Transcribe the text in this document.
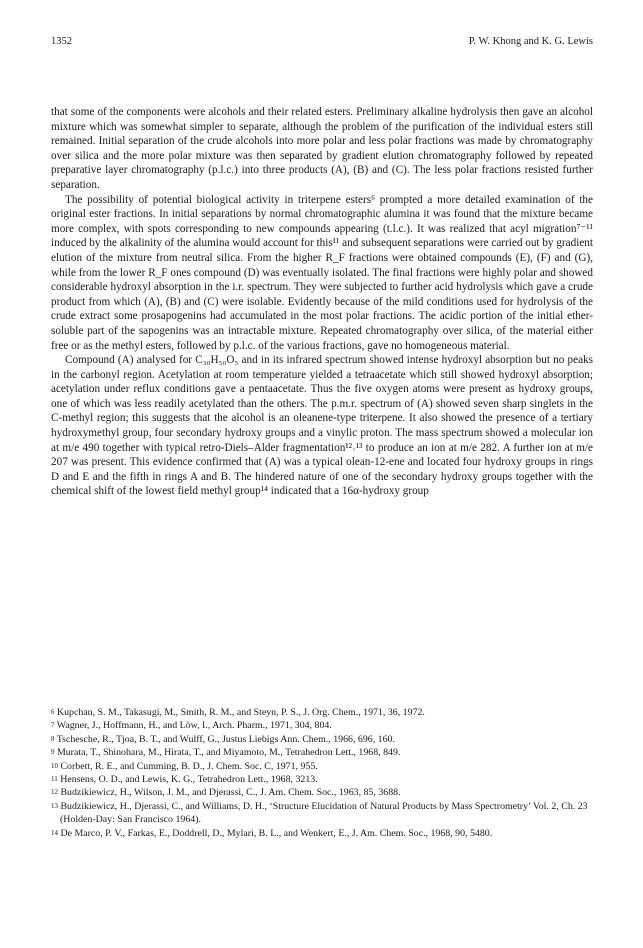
1352	P. W. Khong and K. G. Lewis

that some of the components were alcohols and their related esters. Preliminary alkaline hydrolysis then gave an alcohol mixture which was somewhat simpler to separate, although the problem of the purification of the individual esters still remained. Initial separation of the crude alcohols into more polar and less polar fractions was made by chromatography over silica and the more polar mixture was then separated by gradient elution chromatography followed by repeated preparative layer chromatography (p.l.c.) into three products (A), (B) and (C). The less polar fractions resisted further separation.

The possibility of potential biological activity in triterpene esters⁶ prompted a more detailed examination of the original ester fractions. In initial separations by normal chromatographic alumina it was found that the mixture became more complex, with spots corresponding to new compounds appearing (t.l.c.). It was realized that acyl migration⁷⁻¹¹ induced by the alkalinity of the alumina would account for this¹¹ and subsequent separations were carried out by gradient elution of the mixture from neutral silica. From the higher R_F fractions were obtained compounds (E), (F) and (G), while from the lower R_F ones compound (D) was eventually isolated. The final fractions were highly polar and showed considerable hydroxyl absorption in the i.r. spectrum. They were subjected to further acid hydrolysis which gave a crude product from which (A), (B) and (C) were isolable. Evidently because of the mild conditions used for hydrolysis of the crude extract some prosapogenins had accumulated in the most polar fractions. The acidic portion of the initial ether-soluble part of the sapogenins was an intractable mixture. Repeated chromatography over silica, of the material either free or as the methyl esters, followed by p.l.c. of the various fractions, gave no homogeneous material.

Compound (A) analysed for C₃₀H₅₀O₅ and in its infrared spectrum showed intense hydroxyl absorption but no peaks in the carbonyl region. Acetylation at room temperature yielded a tetraacetate which still showed hydroxyl absorption; acetylation under reflux conditions gave a pentaacetate. Thus the five oxygen atoms were present as hydroxy groups, one of which was less readily acetylated than the others. The p.m.r. spectrum of (A) showed seven sharp singlets in the C-methyl region; this suggests that the alcohol is an oleanene-type triterpene. It also showed the presence of a tertiary hydroxymethyl group, four secondary hydroxy groups and a vinylic proton. The mass spectrum showed a molecular ion at m/e 490 together with typical retro-Diels–Alder fragmentation¹²˒¹³ to produce an ion at m/e 282. A further ion at m/e 207 was present. This evidence confirmed that (A) was a typical olean-12-ene and located four hydroxy groups in rings D and E and the fifth in rings A and B. The hindered nature of one of the secondary hydroxy groups together with the chemical shift of the lowest field methyl group¹⁴ indicated that a 16α-hydroxy group

$^6$ Kupchan, S. M., Takasugi, M., Smith, R. M., and Steyn, P. S., J. Org. Chem., 1971, 36, 1972.

$^7$ Wagner, J., Hoffmann, H., and Löw, I., Arch. Pharm., 1971, 304, 804.

$^8$ Tschesche, R., Tjoa, B. T., and Wulff, G., Justus Liebigs Ann. Chem., 1966, 696, 160.

$^9$ Murata, T., Shinohara, M., Hirata, T., and Miyamoto, M., Tetrahedron Lett., 1968, 849.

$^{10}$ Corbett, R. E., and Cumming, B. D., J. Chem. Soc. C, 1971, 955.

$^{11}$ Hensens, O. D., and Lewis, K. G., Tetrahedron Lett., 1968, 3213.

$^{12}$ Budzikiewicz, H., Wilson, J. M., and Djerassi, C., J. Am. Chem. Soc., 1963, 85, 3688.

$^{13}$ Budzikiewicz, H., Djerassi, C., and Williams, D. H., ‘Structure Elucidation of Natural Products by Mass Spectrometry’ Vol. 2, Ch. 23 (Holden-Day: San Francisco 1964).

$^{14}$ De Marco, P. V., Farkas, E., Doddrell, D., Mylari, B. L., and Wenkert, E., J. Am. Chem. Soc., 1968, 90, 5480.
